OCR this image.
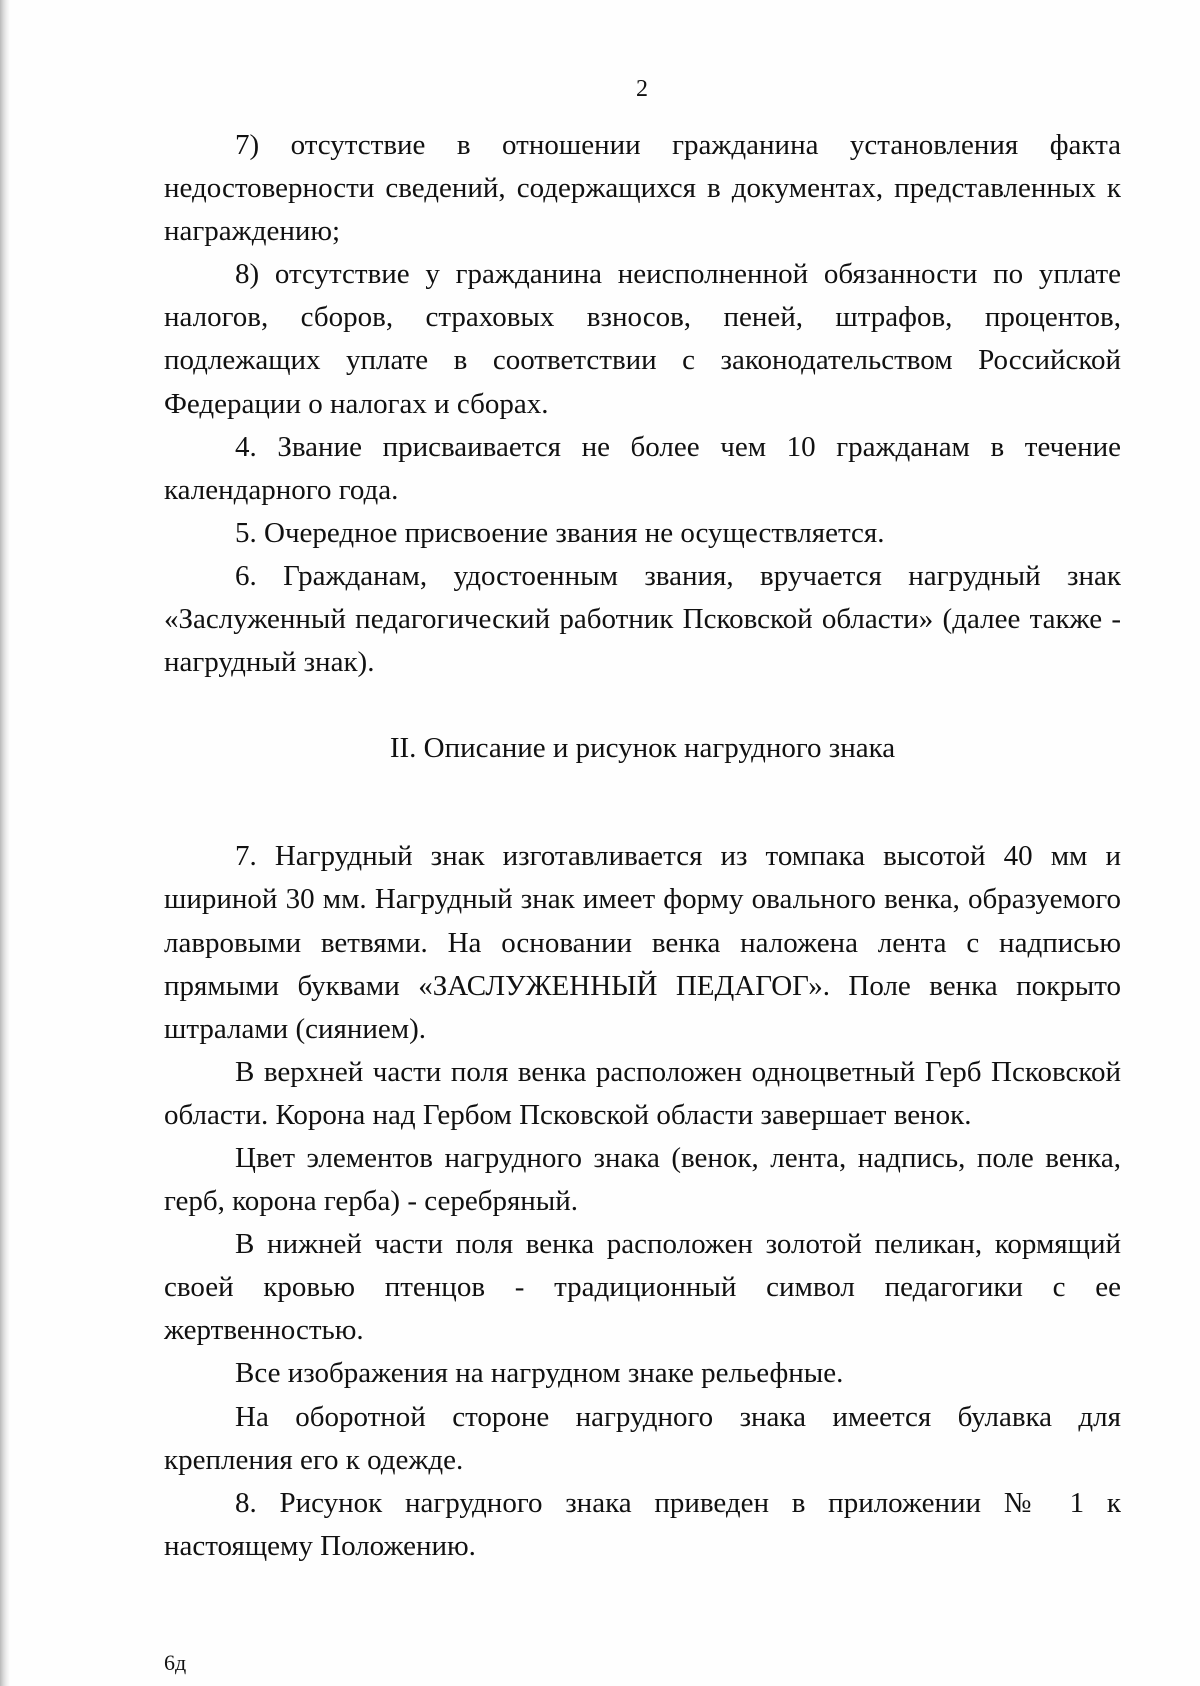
2

7) отсутствие в отношении гражданина установления факта недостоверности сведений, содержащихся в документах, представленных к награждению;

8) отсутствие у гражданина неисполненной обязанности по уплате налогов, сборов, страховых взносов, пеней, штрафов, процентов, подлежащих уплате в соответствии с законодательством Российской Федерации о налогах и сборах.

4. Звание присваивается не более чем 10 гражданам в течение календарного года.

5. Очередное присвоение звания не осуществляется.

6. Гражданам, удостоенным звания, вручается нагрудный знак «Заслуженный педагогический работник Псковской области» (далее также - нагрудный знак).

II. Описание и рисунок нагрудного знака

7. Нагрудный знак изготавливается из томпака высотой 40 мм и шириной 30 мм. Нагрудный знак имеет форму овального венка, образуемого лавровыми ветвями. На основании венка наложена лента с надписью прямыми буквами «ЗАСЛУЖЕННЫЙ ПЕДАГОГ». Поле венка покрыто штралами (сиянием).

В верхней части поля венка расположен одноцветный Герб Псковской области. Корона над Гербом Псковской области завершает венок.

Цвет элементов нагрудного знака (венок, лента, надпись, поле венка, герб, корона герба) - серебряный.

В нижней части поля венка расположен золотой пеликан, кормящий своей кровью птенцов - традиционный символ педагогики с ее жертвенностью.

Все изображения на нагрудном знаке рельефные.

На оборотной стороне нагрудного знака имеется булавка для крепления его к одежде.

8. Рисунок нагрудного знака приведен в приложении № 1 к настоящему Положению.

6д
